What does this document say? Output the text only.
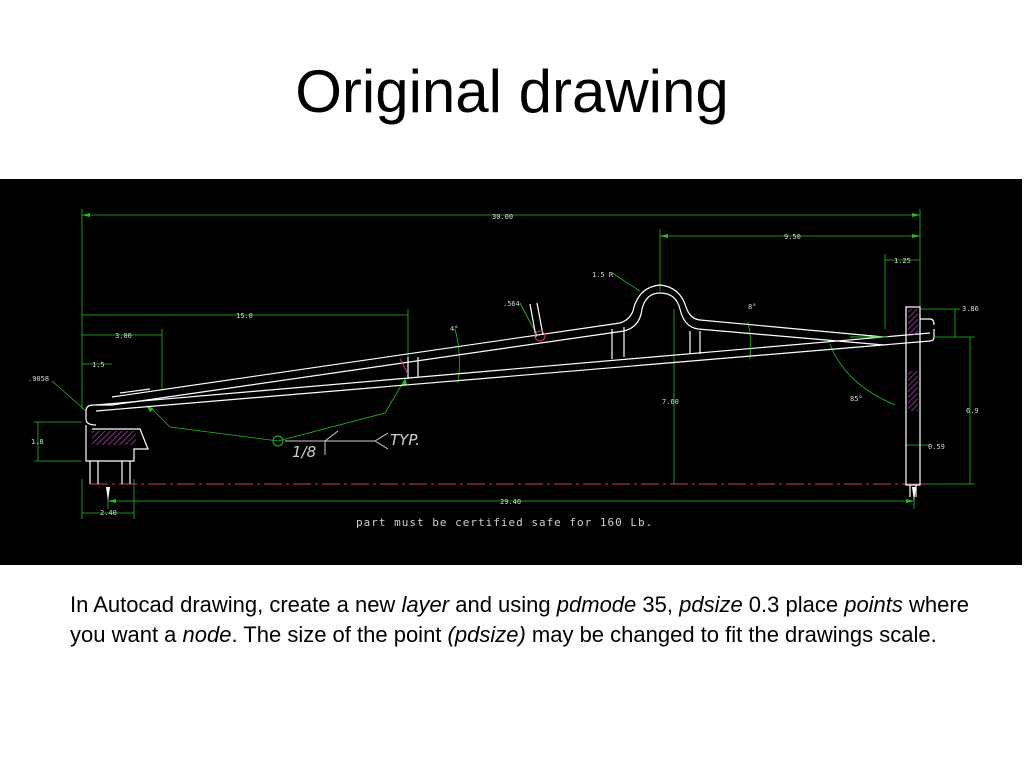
Original drawing
30.00
9.50
1.25
1.5 R
.564
15.0
3.00
1.5
.9058
4°
8°
85°
7.60
3.86
6.9
0.59
1.8
29.40
2.40
1/8
TYP.
part must be certified safe for 160 Lb.
In Autocad drawing, create a new layer and using pdmode 35, pdsize 0.3 place points where you want a node. The size of the point (pdsize) may be changed to fit the drawings scale.
